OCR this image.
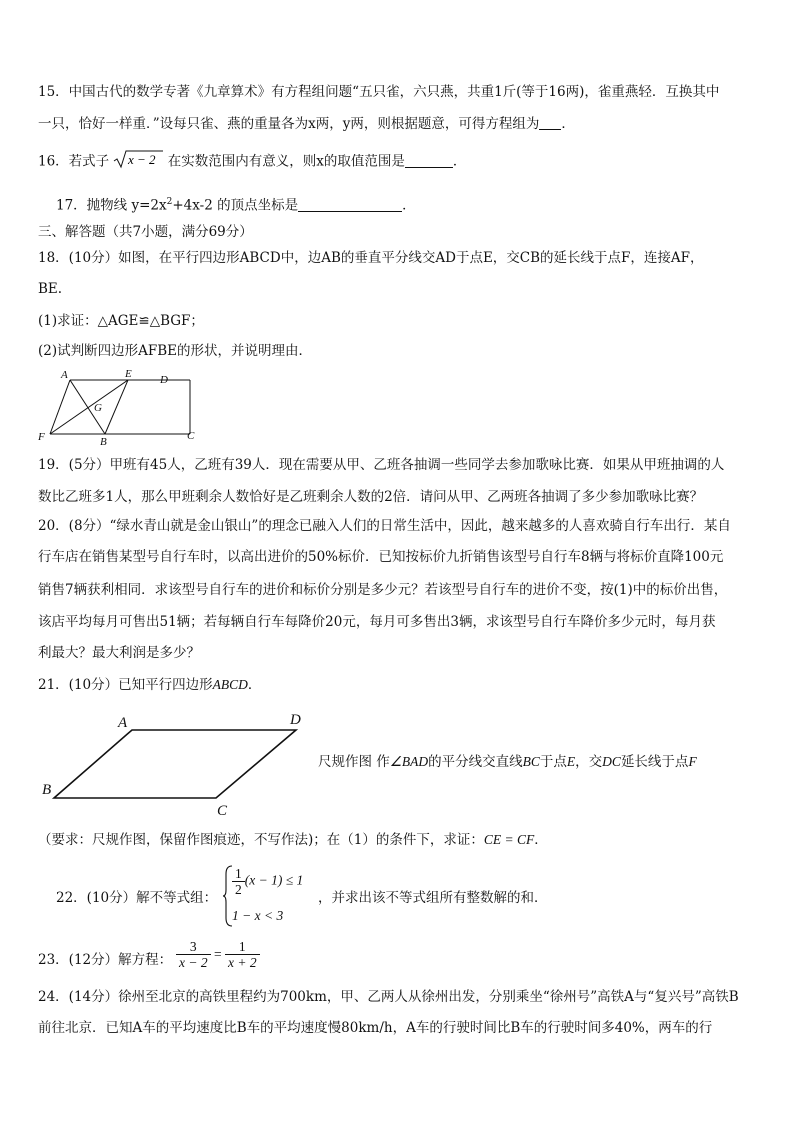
15．中国古代的数学专著《九章算术》有方程组问题“五只雀，六只燕，共重1斤(等于16两)，雀重燕轻．互换其中
一只，恰好一样重．”设每只雀、燕的重量各为x两，y两，则根据题意，可得方程组为 ．
16．若式子 x − 2 在实数范围内有意义，则x的取值范围是	．
17．抛物线 $y=2x^2+4x-2$ 的顶点坐标是	．
三、解答题（共7小题，满分69分）
18．(10分）如图，在平行四边形ABCD中，边AB的垂直平分线交AD于点E，交CB的延长线于点F，连接AF，
BE.
(1)求证：△AGE≌△BGF；
(2)试判断四边形AFBE的形状，并说明理由．
A	E	D
G
F	B	C
19．(5分）甲班有45人，乙班有39人．现在需要从甲、乙班各抽调一些同学去参加歌咏比赛．如果从甲班抽调的人
数比乙班多1人，那么甲班剩余人数恰好是乙班剩余人数的2倍．请问从甲、乙两班各抽调了多少参加歌咏比赛？
20．(8分）“绿水青山就是金山银山”的理念已融入人们的日常生活中，因此，越来越多的人喜欢骑自行车出行．某自
行车店在销售某型号自行车时，以高出进价的50%标价．已知按标价九折销售该型号自行车8辆与将标价直降100元
销售7辆获利相同．求该型号自行车的进价和标价分别是多少元？若该型号自行车的进价不变，按(1)中的标价出售，
该店平均每月可售出51辆；若每辆自行车每降价20元，每月可多售出3辆，求该型号自行车降价多少元时，每月获
利最大？最大利润是多少？
21．(10分）已知平行四边形ABCD．
A	D
B
C
尺规作图 作∠BAD的平分线交直线BC于点E，交DC延长线于点F
（要求：尺规作图，保留作图痕迹，不写作法)；在（1）的条件下，求证：CE = CF．
22．(10分）解不等式组：
$\frac{1}{2} (x - 1) \le 1$
1 − x < 3
，并求出该不等式组所有整数解的和．
23．(12分）解方程： $\frac{3}{x - 2} = \frac{1}{x + 2}$
24．(14分）徐州至北京的高铁里程约为700km，甲、乙两人从徐州出发，分别乘坐“徐州号”高铁A与“复兴号”高铁B
前往北京．已知A车的平均速度比B车的平均速度慢80km/h，A车的行驶时间比B车的行驶时间多40%，两车的行
